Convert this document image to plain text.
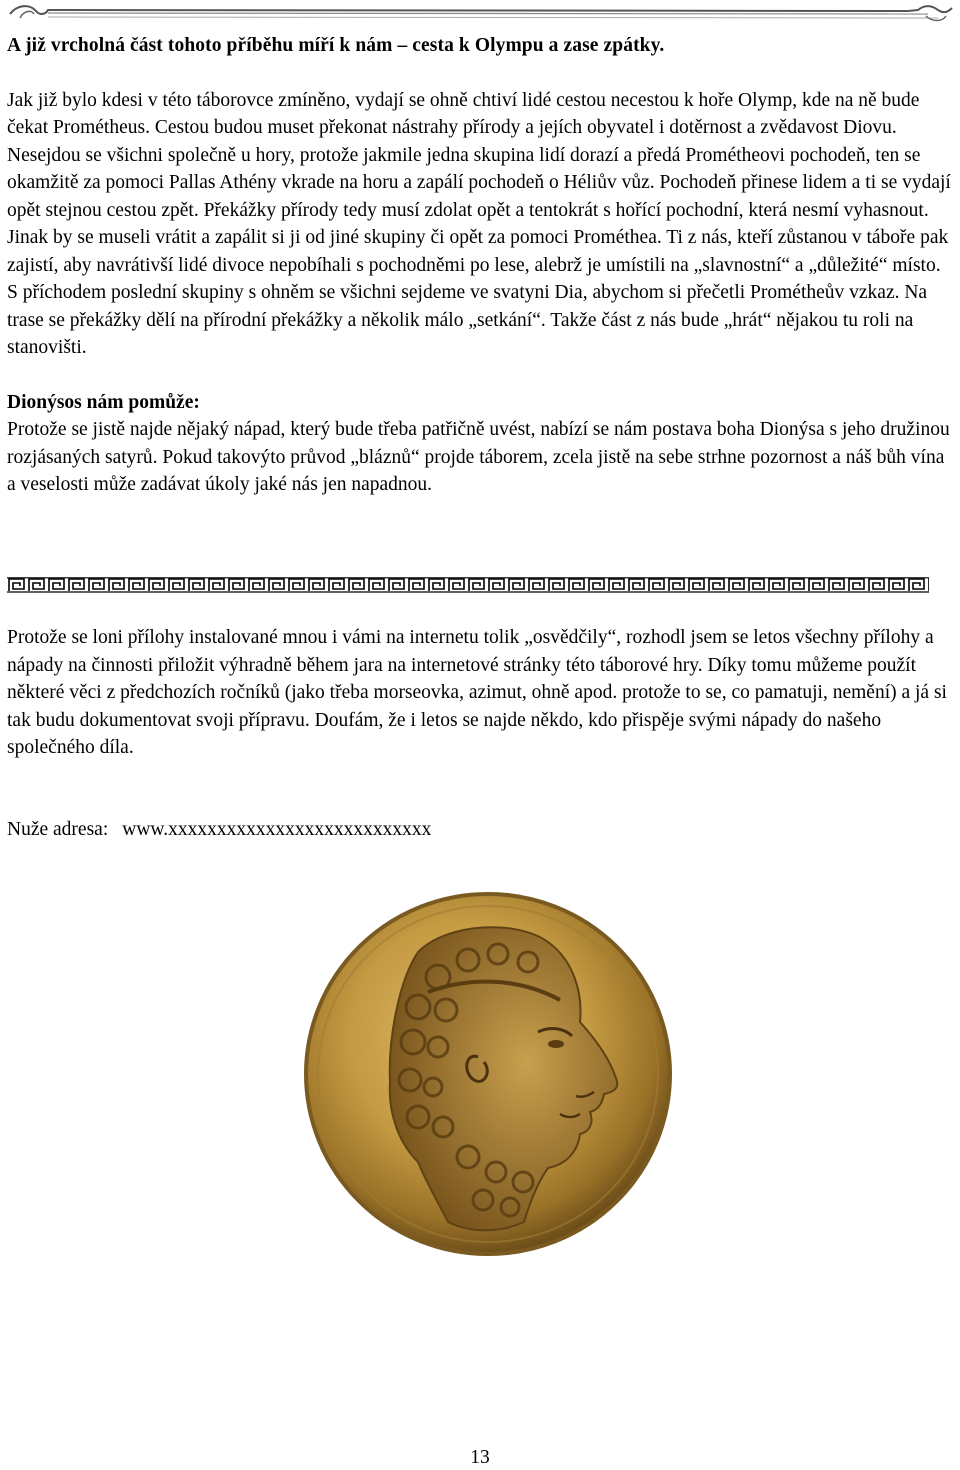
A již vrcholná část tohoto příběhu míří k nám – cesta k Olympu a zase zpátky.

Jak již bylo kdesi v této táborovce zmíněno, vydají se ohně chtiví lidé cestou necestou k hoře Olymp, kde na ně bude čekat Prométheus. Cestou budou muset překonat nástrahy přírody a jejích obyvatel i dotěrnost a zvědavost Diovu. Nesejdou se všichni společně u hory, protože jakmile jedna skupina lidí dorazí a předá Prométheovi pochodeň, ten se okamžitě za pomoci Pallas Athény vkrade na horu a zapálí pochodeň o Héliův vůz. Pochodeň přinese lidem a ti se vydají opět stejnou cestou zpět. Překážky přírody tedy musí zdolat opět a tentokrát s hořící pochodní, která nesmí vyhasnout. Jinak by se museli vrátit a zapálit si ji od jiné skupiny či opět za pomoci Prométhea. Ti z nás, kteří zůstanou v táboře pak zajistí, aby navrátivší lidé divoce nepobíhali s pochodněmi po lese, alebrž je umístili na „slavnostní“ a „důležité“ místo. S příchodem poslední skupiny s ohněm se všichni sejdeme ve svatyni Dia, abychom si přečetli Prométheův vzkaz. Na trase se překážky dělí na přírodní překážky a několik málo „setkání“. Takže část z nás bude „hrát“ nějakou tu roli na stanovišti.

Dionýsos nám pomůže:

Protože se jistě najde nějaký nápad, který bude třeba patřičně uvést, nabízí se nám postava boha Dionýsa s jeho družinou rozjásaných satyrů. Pokud takovýto průvod „bláznů“ projde táborem, zcela jistě na sebe strhne pozornost a náš bůh vína a veselosti může zadávat úkoly jaké nás jen napadnou.

Protože se loni přílohy instalované mnou i vámi na internetu tolik „osvědčily“, rozhodl jsem se letos všechny přílohy a nápady na činnosti přiložit výhradně během jara na internetové stránky této táborové hry. Díky tomu můžeme použít některé věci z předchozích ročníků (jako třeba morseovka, azimut, ohně apod. protože to se, co pamatuji, nemění) a já si tak budu dokumentovat svoji přípravu. Doufám, že i letos se najde někdo, kdo přispěje svými nápady do našeho společného díla.

Nuže adresa: www.xxxxxxxxxxxxxxxxxxxxxxxxxxx
13
